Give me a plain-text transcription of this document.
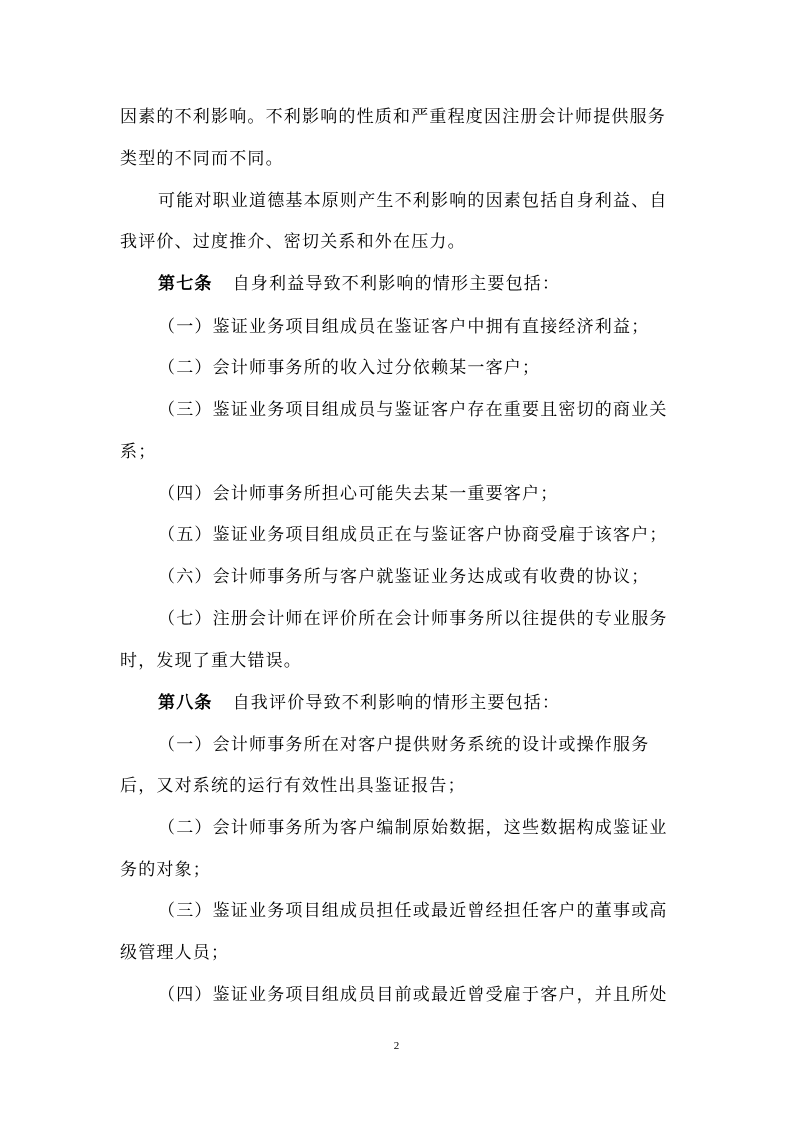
因素的不利影响。不利影响的性质和严重程度因注册会计师提供服务
类型的不同而不同。
可能对职业道德基本原则产生不利影响的因素包括自身利益、自
我评价、过度推介、密切关系和外在压力。
第七条 自身利益导致不利影响的情形主要包括：
（一）鉴证业务项目组成员在鉴证客户中拥有直接经济利益；
（二）会计师事务所的收入过分依赖某一客户；
（三）鉴证业务项目组成员与鉴证客户存在重要且密切的商业关
系；
（四）会计师事务所担心可能失去某一重要客户；
（五）鉴证业务项目组成员正在与鉴证客户协商受雇于该客户；
（六）会计师事务所与客户就鉴证业务达成或有收费的协议；
（七）注册会计师在评价所在会计师事务所以往提供的专业服务
时，发现了重大错误。
第八条 自我评价导致不利影响的情形主要包括：
（一）会计师事务所在对客户提供财务系统的设计或操作服务
后，又对系统的运行有效性出具鉴证报告；
（二）会计师事务所为客户编制原始数据，这些数据构成鉴证业
务的对象；
（三）鉴证业务项目组成员担任或最近曾经担任客户的董事或高
级管理人员；
（四）鉴证业务项目组成员目前或最近曾受雇于客户，并且所处
2
